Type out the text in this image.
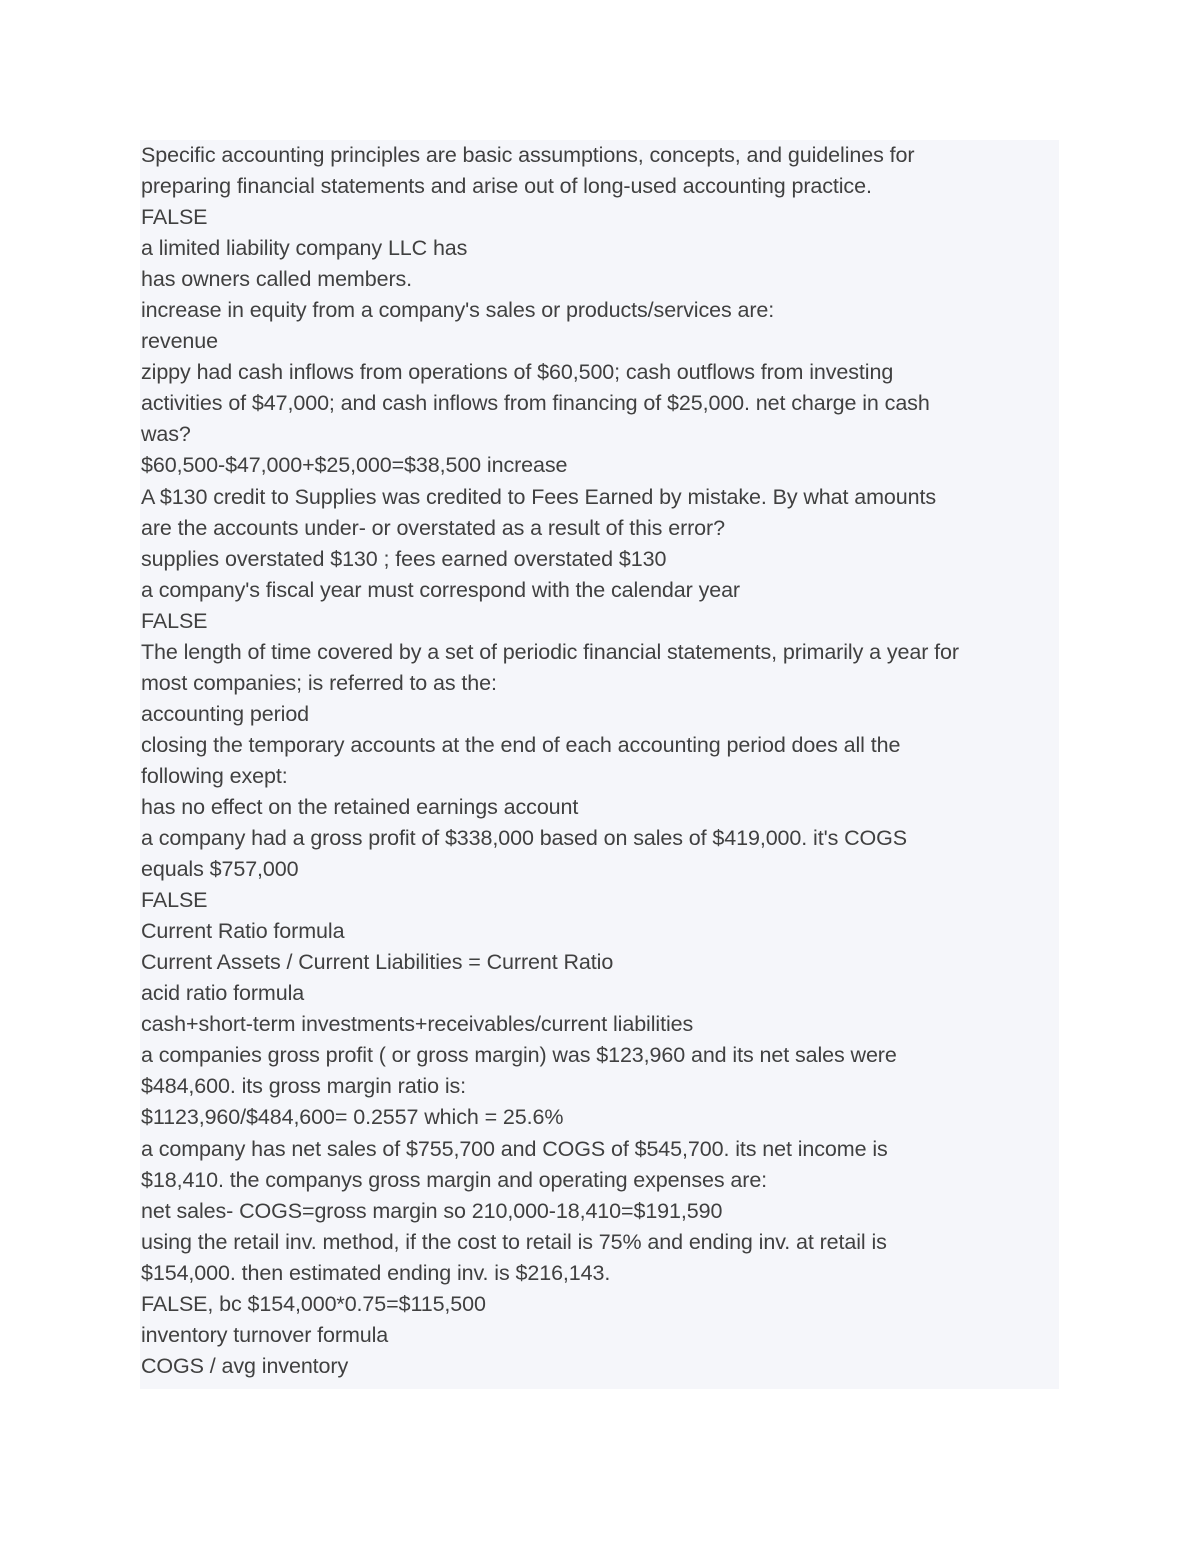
Specific accounting principles are basic assumptions, concepts, and guidelines for
preparing financial statements and arise out of long-used accounting practice.
FALSE
a limited liability company LLC has
has owners called members.
increase in equity from a company's sales or products/services are:
revenue
zippy had cash inflows from operations of $60,500; cash outflows from investing
activities of $47,000; and cash inflows from financing of $25,000. net charge in cash
was?
$60,500-$47,000+$25,000=$38,500 increase
A $130 credit to Supplies was credited to Fees Earned by mistake. By what amounts
are the accounts under- or overstated as a result of this error?
supplies overstated $130 ; fees earned overstated $130
a company's fiscal year must correspond with the calendar year
FALSE
The length of time covered by a set of periodic financial statements, primarily a year for
most companies; is referred to as the:
accounting period
closing the temporary accounts at the end of each accounting period does all the
following exept:
has no effect on the retained earnings account
a company had a gross profit of $338,000 based on sales of $419,000. it's COGS
equals $757,000
FALSE
Current Ratio formula
Current Assets / Current Liabilities = Current Ratio
acid ratio formula
cash+short-term investments+receivables/current liabilities
a companies gross profit ( or gross margin) was $123,960 and its net sales were
$484,600. its gross margin ratio is:
$1123,960/$484,600= 0.2557 which = 25.6%
a company has net sales of $755,700 and COGS of $545,700. its net income is
$18,410. the companys gross margin and operating expenses are:
net sales- COGS=gross margin so 210,000-18,410=$191,590
using the retail inv. method, if the cost to retail is 75% and ending inv. at retail is
$154,000. then estimated ending inv. is $216,143.
FALSE, bc $154,000*0.75=$115,500
inventory turnover formula
COGS / avg inventory
